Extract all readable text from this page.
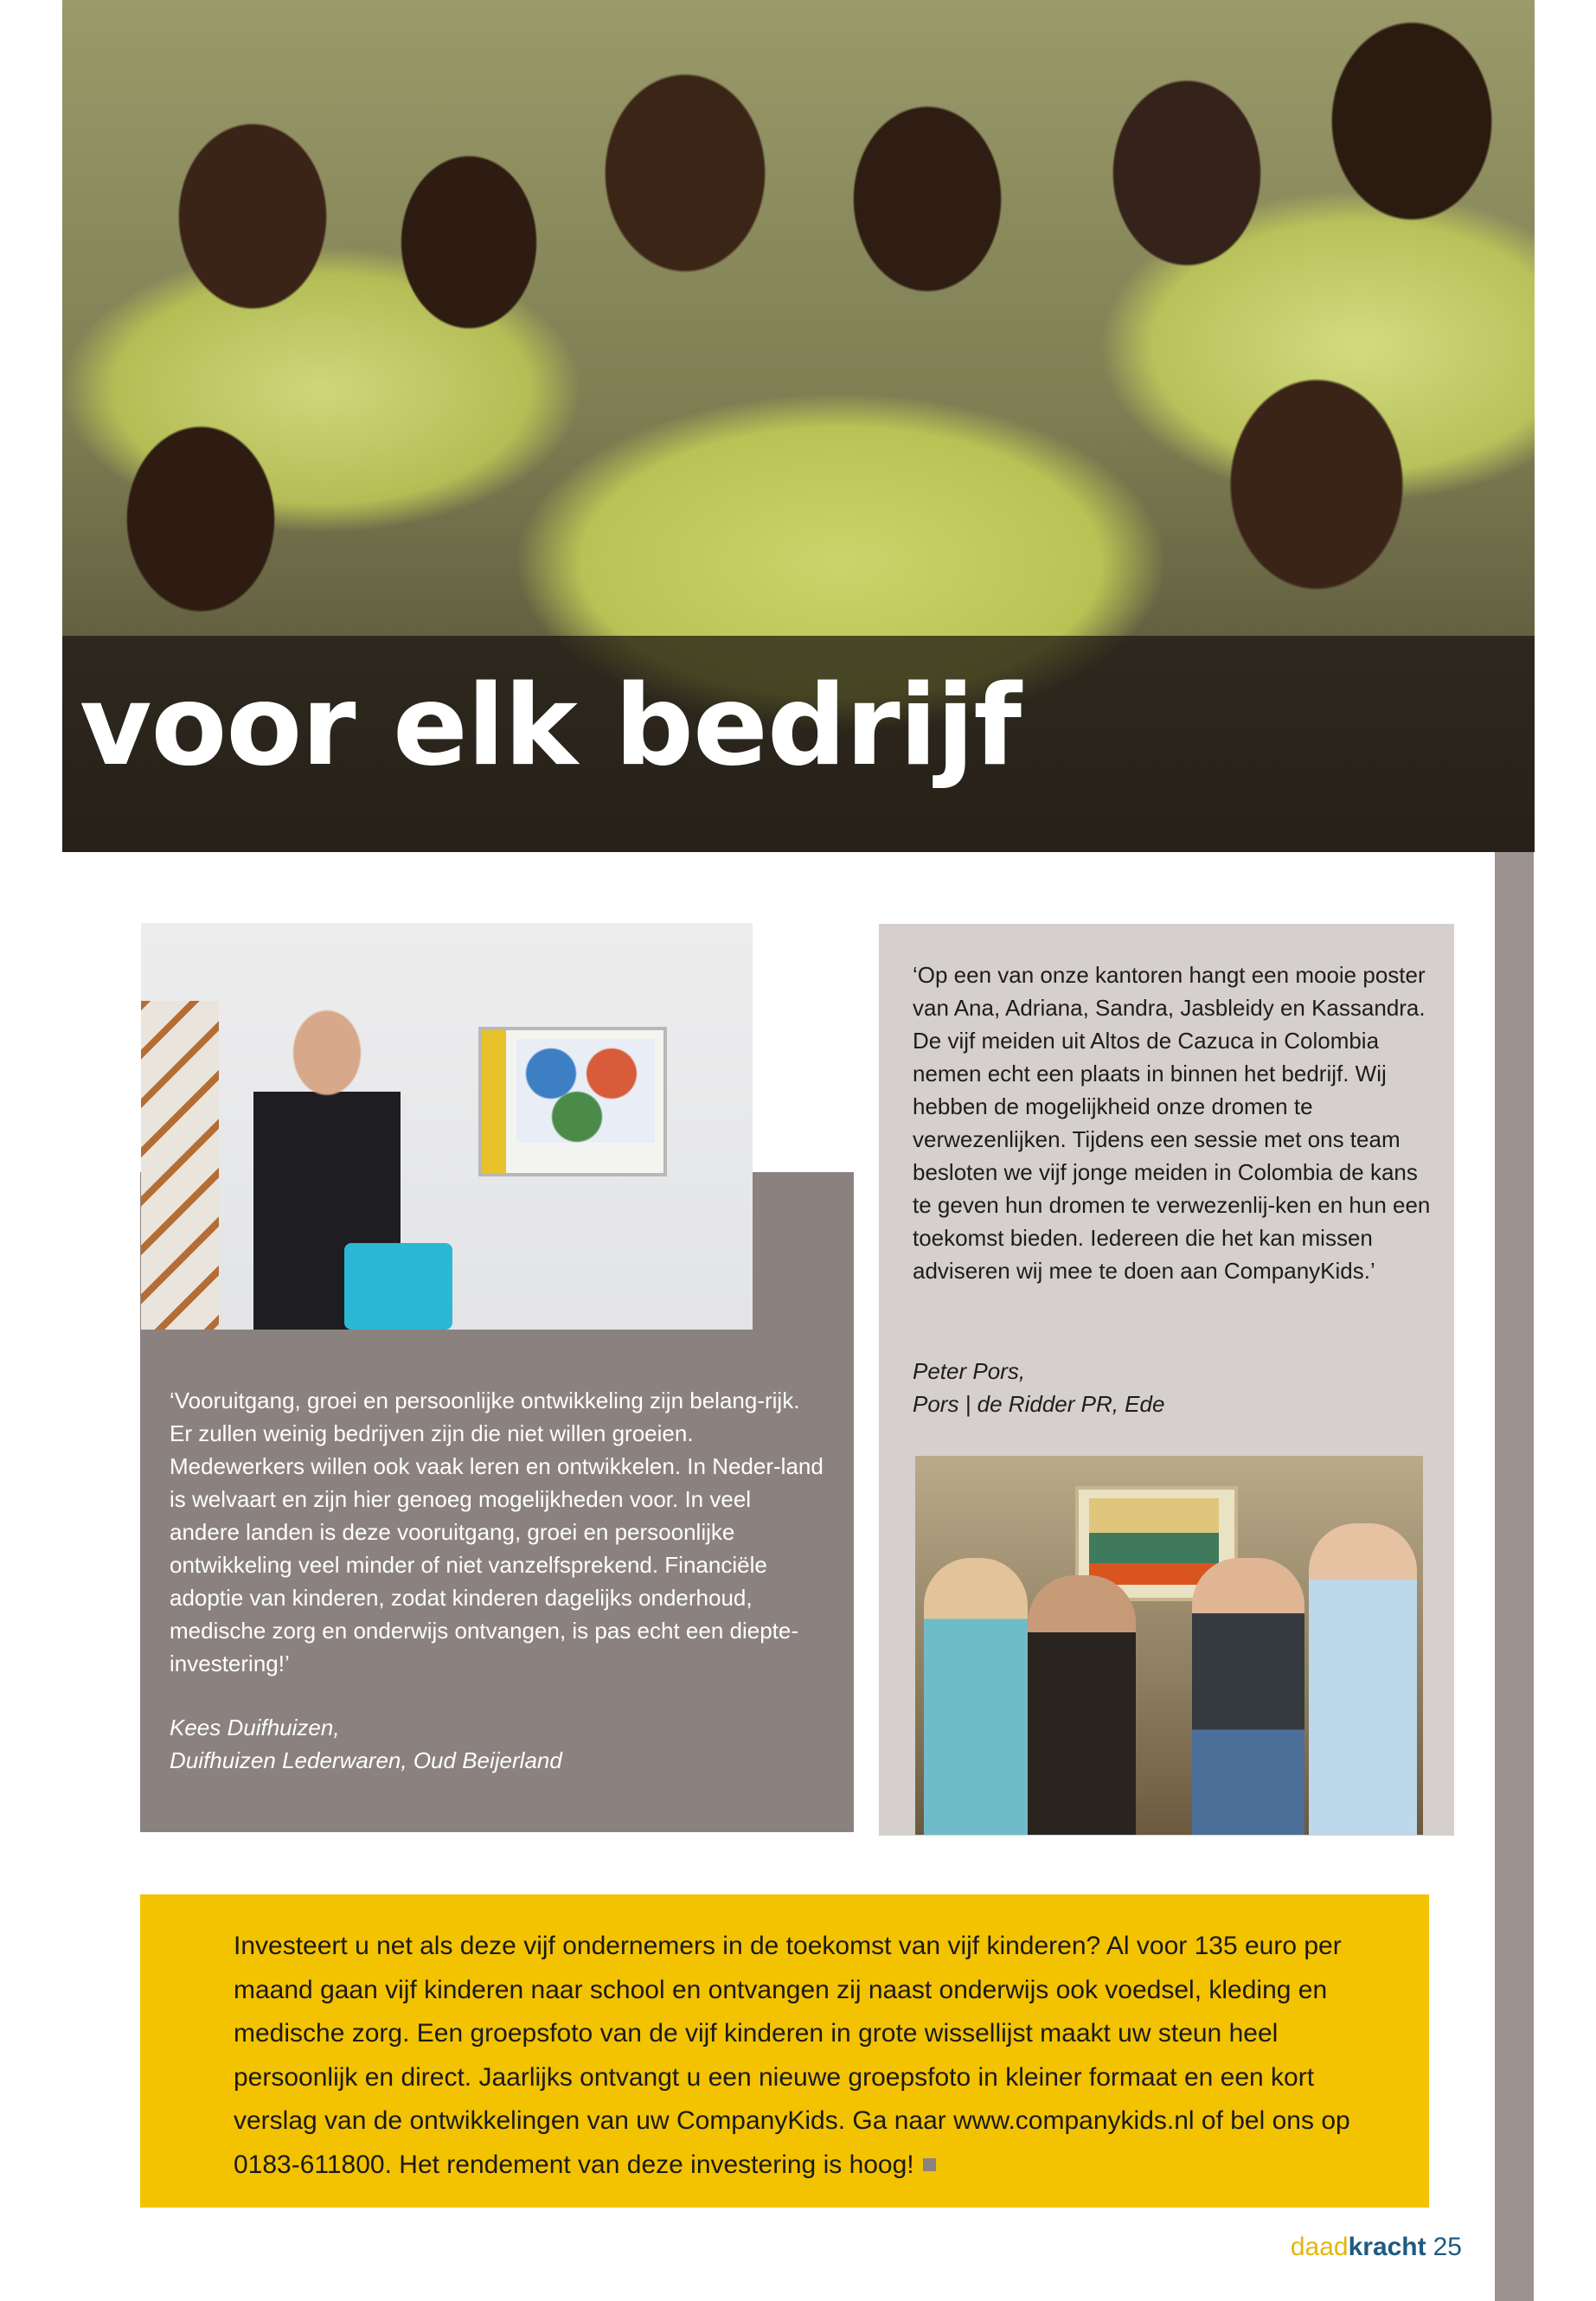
voor elk bedrijf

‘Vooruitgang, groei en persoonlijke ontwikkeling zijn belang-rijk. Er zullen weinig bedrijven zijn die niet willen groeien. Medewerkers willen ook vaak leren en ontwikkelen. In Neder-land is welvaart en zijn hier genoeg mogelijkheden voor. In veel andere landen is deze vooruitgang, groei en persoonlijke ontwikkeling veel minder of niet vanzelfsprekend. Financiële adoptie van kinderen, zodat kinderen dagelijks onderhoud, medische zorg en onderwijs ontvangen, is pas echt een diepte-investering!’

Kees Duifhuizen,
Duifhuizen Lederwaren, Oud Beijerland

‘Op een van onze kantoren hangt een mooie poster van Ana, Adriana, Sandra, Jasbleidy en Kassandra. De vijf meiden uit Altos de Cazuca in Colombia nemen echt een plaats in binnen het bedrijf. Wij hebben de mogelijkheid onze dromen te verwezenlijken. Tijdens een sessie met ons team besloten we vijf jonge meiden in Colombia de kans te geven hun dromen te verwezenlij-ken en hun een toekomst bieden. Iedereen die het kan missen adviseren wij mee te doen aan CompanyKids.’

Peter Pors,
Pors | de Ridder PR, Ede

Investeert u net als deze vijf ondernemers in de toekomst van vijf kinderen? Al voor 135 euro per maand gaan vijf kinderen naar school en ontvangen zij naast onderwijs ook voedsel, kleding en medische zorg. Een groepsfoto van de vijf kinderen in grote wissellijst maakt uw steun heel persoonlijk en direct. Jaarlijks ontvangt u een nieuwe groepsfoto in kleiner formaat en een kort verslag van de ontwikkelingen van uw CompanyKids. Ga naar www.companykids.nl of bel ons op 0183-611800. Het rendement van deze investering is hoog!

daadkracht 25
